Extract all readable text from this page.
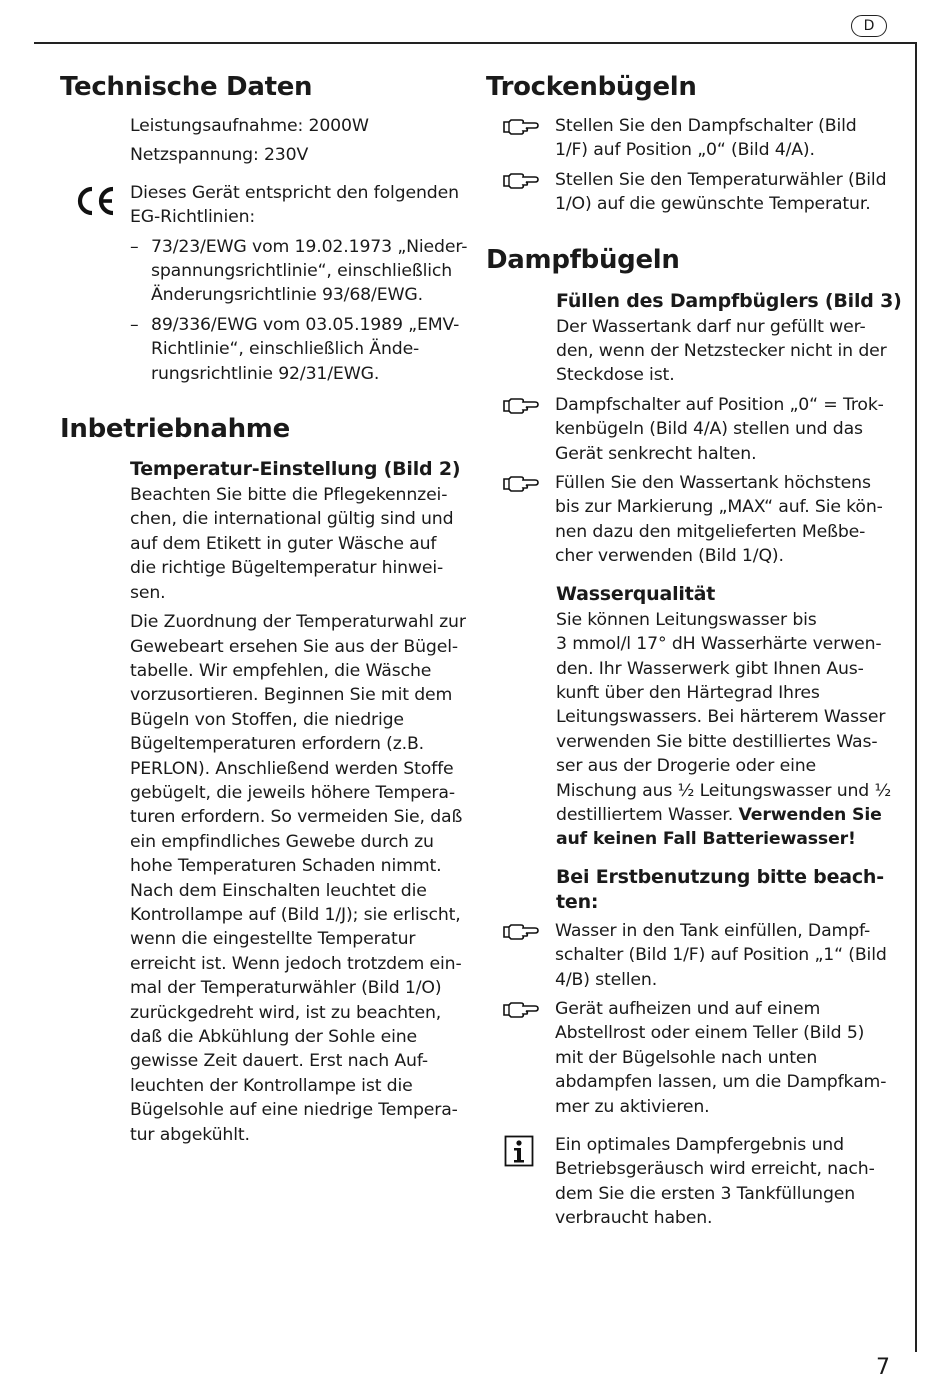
D
Technische Daten

Leistungsaufnahme: 2000W

Netzspannung: 230V

Dieses Gerät entspricht den folgenden

EG-Richtlinien:

– 73/23/EWG vom 19.02.1973 „Nieder-

spannungsrichtlinie“, einschließlich

Änderungsrichtlinie 93/68/EWG.

– 89/336/EWG vom 03.05.1989 „EMV-

Richtlinie“, einschließlich Ände-

rungsrichtlinie 92/31/EWG.

Inbetriebnahme
Temperatur-Einstellung (Bild 2)

Beachten Sie bitte die Pflegekennzei-

chen, die international gültig sind und

auf dem Etikett in guter Wäsche auf

die richtige Bügeltemperatur hinwei-

sen.

Die Zuordnung der Temperaturwahl zur

Gewebeart ersehen Sie aus der Bügel-

tabelle. Wir empfehlen, die Wäsche

vorzusortieren. Beginnen Sie mit dem

Bügeln von Stoffen, die niedrige

Bügeltemperaturen erfordern (z.B.

PERLON). Anschließend werden Stoffe

gebügelt, die jeweils höhere Tempera-

turen erfordern. So vermeiden Sie, daß

ein empfindliches Gewebe durch zu

hohe Temperaturen Schaden nimmt.

Nach dem Einschalten leuchtet die

Kontrollampe auf (Bild 1/J); sie erlischt,

wenn die eingestellte Temperatur

erreicht ist. Wenn jedoch trotzdem ein-

mal der Temperaturwähler (Bild 1/O)

zurückgedreht wird, ist zu beachten,

daß die Abkühlung der Sohle eine

gewisse Zeit dauert. Erst nach Auf-

leuchten der Kontrollampe ist die

Bügelsohle auf eine niedrige Tempera-

tur abgekühlt.

Trockenbügeln

Stellen Sie den Dampfschalter (Bild

1/F) auf Position „0“ (Bild 4/A).

Stellen Sie den Temperaturwähler (Bild

1/O) auf die gewünschte Temperatur.

Dampfbügeln
Füllen des Dampfbüglers (Bild 3)

Der Wassertank darf nur gefüllt wer-

den, wenn der Netzstecker nicht in der

Steckdose ist.

Dampfschalter auf Position „0“ = Trok-

kenbügeln (Bild 4/A) stellen und das

Gerät senkrecht halten.

Füllen Sie den Wassertank höchstens

bis zur Markierung „MAX“ auf. Sie kön-

nen dazu den mitgelieferten Meßbe-

cher verwenden (Bild 1/Q).

Wasserqualität

Sie können Leitungswasser bis

3 mmol/l 17° dH Wasserhärte verwen-

den. Ihr Wasserwerk gibt Ihnen Aus-

kunft über den Härtegrad Ihres

Leitungswassers. Bei härterem Wasser

verwenden Sie bitte destilliertes Was-

ser aus der Drogerie oder eine

Mischung aus ½ Leitungswasser und ½

destilliertem Wasser. Verwenden Sie

auf keinen Fall Batteriewasser!

Bei Erstbenutzung bitte beach-
ten:

Wasser in den Tank einfüllen, Dampf-

schalter (Bild 1/F) auf Position „1“ (Bild

4/B) stellen.

Gerät aufheizen und auf einem

Abstellrost oder einem Teller (Bild 5)

mit der Bügelsohle nach unten

abdampfen lassen, um die Dampfkam-

mer zu aktivieren.

Ein optimales Dampfergebnis und

Betriebsgeräusch wird erreicht, nach-

dem Sie die ersten 3 Tankfüllungen

verbraucht haben.

7
